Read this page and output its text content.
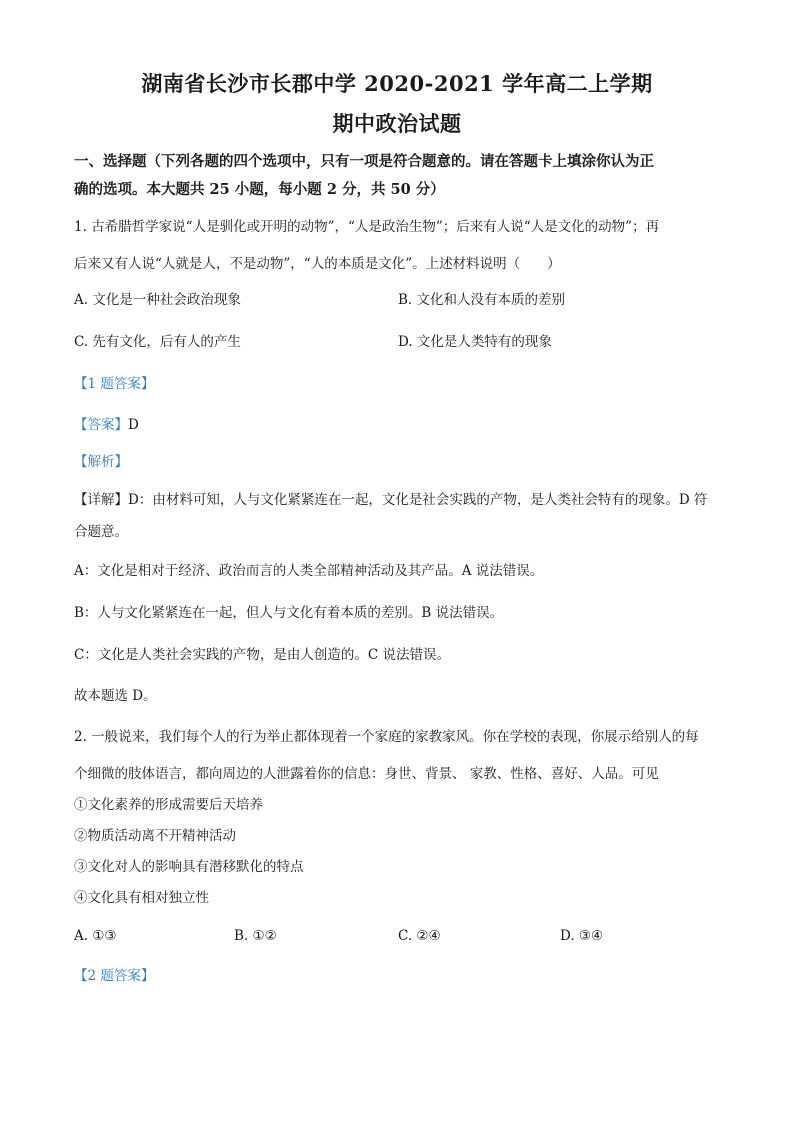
湖南省长沙市长郡中学 2020-2021 学年高二上学期
期中政治试题
一、选择题（下列各题的四个选项中，只有一项是符合题意的。请在答题卡上填涂你认为正
确的选项。本大题共 25 小题，每小题 2 分，共 50 分）
1. 古希腊哲学家说“人是驯化或开明的动物”，“人是政治生物”；后来有人说“人是文化的动物”；再
后来又有人说“人就是人，不是动物”，“人的本质是文化”。上述材料说明（　　）
A. 文化是一种社会政治现象	B. 文化和人没有本质的差别
C. 先有文化，后有人的产生	D. 文化是人类特有的现象
【1 题答案】
【答案】D
【解析】
【详解】D：由材料可知，人与文化紧紧连在一起，文化是社会实践的产物，是人类社会特有的现象。D 符
合题意。
A：文化是相对于经济、政治而言的人类全部精神活动及其产品。A 说法错误。
B：人与文化紧紧连在一起，但人与文化有着本质的差别。B 说法错误。
C：文化是人类社会实践的产物，是由人创造的。C 说法错误。
故本题选 D。
2. 一般说来，我们每个人的行为举止都体现着一个家庭的家教家风。你在学校的表现，你展示给别人的每
个细微的肢体语言，都向周边的人泄露着你的信息：身世、背景、 家教、性格、喜好、人品。可见
①文化素养的形成需要后天培养
②物质活动离不开精神活动
③文化对人的影响具有潜移默化的特点
④文化具有相对独立性
A. ①③	B. ①②	C. ②④	D. ③④
【2 题答案】
